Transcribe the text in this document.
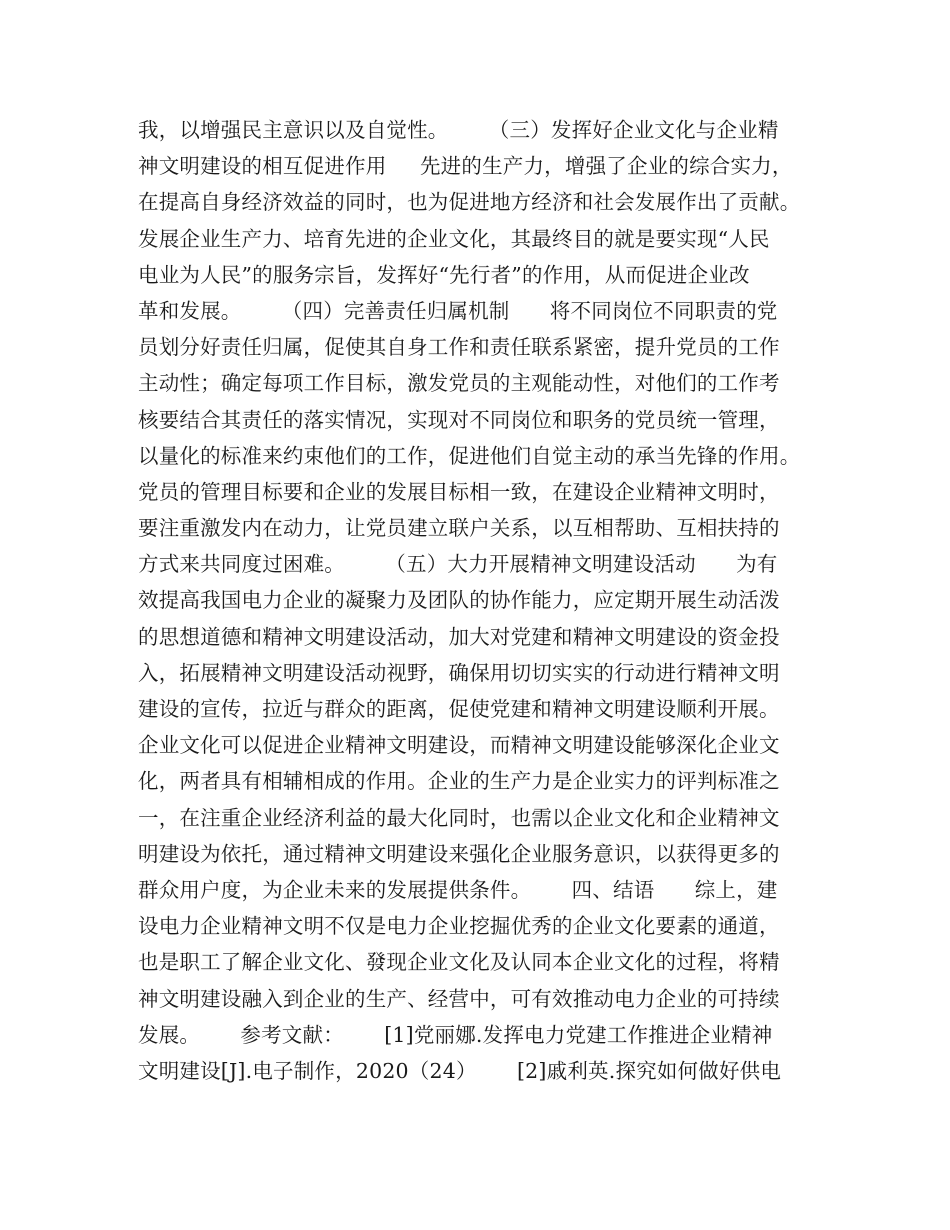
我，以增强民主意识以及自觉性。      （三）发挥好企业文化与企业精
神文明建设的相互促进作用     先进的生产力，增强了企业的综合实力，
在提高自身经济效益的同时，也为促进地方经济和社会发展作出了贡献。
发展企业生产力、培育先进的企业文化，其最终目的就是要实现“人民
电业为人民”的服务宗旨，发挥好“先行者”的作用，从而促进企业改
革和发展。      （四）完善责任归属机制      将不同岗位不同职责的党
员划分好责任归属，促使其自身工作和责任联系紧密，提升党员的工作
主动性；确定每项工作目标，激发党员的主观能动性，对他们的工作考
核要结合其责任的落实情况，实现对不同岗位和职务的党员统一管理，
以量化的标准来约束他们的工作，促进他们自觉主动的承当先锋的作用。
党员的管理目标要和企业的发展目标相一致，在建设企业精神文明时，
要注重激发内在动力，让党员建立联户关系，以互相帮助、互相扶持的
方式来共同度过困难。      （五）大力开展精神文明建设活动      为有
效提高我国电力企业的凝聚力及团队的协作能力，应定期开展生动活泼
的思想道德和精神文明建设活动，加大对党建和精神文明建设的资金投
入，拓展精神文明建设活动视野，确保用切切实实的行动进行精神文明
建设的宣传，拉近与群众的距离，促使党建和精神文明建设顺利开展。
企业文化可以促进企业精神文明建设，而精神文明建设能够深化企业文
化，两者具有相辅相成的作用。企业的生产力是企业实力的评判标准之
一，在注重企业经济利益的最大化同时，也需以企业文化和企业精神文
明建设为依托，通过精神文明建设来强化企业服务意识，以获得更多的
群众用户度，为企业未来的发展提供条件。      四、结语      综上，建
设电力企业精神文明不仅是电力企业挖掘优秀的企业文化要素的通道，
也是职工了解企业文化、發现企业文化及认同本企业文化的过程，将精
神文明建设融入到企业的生产、经营中，可有效推动电力企业的可持续
发展。      参考文献：      [1]党丽娜.发挥电力党建工作推进企业精神
文明建设[J].电子制作，2020（24）      [2]戚利英.探究如何做好供电
